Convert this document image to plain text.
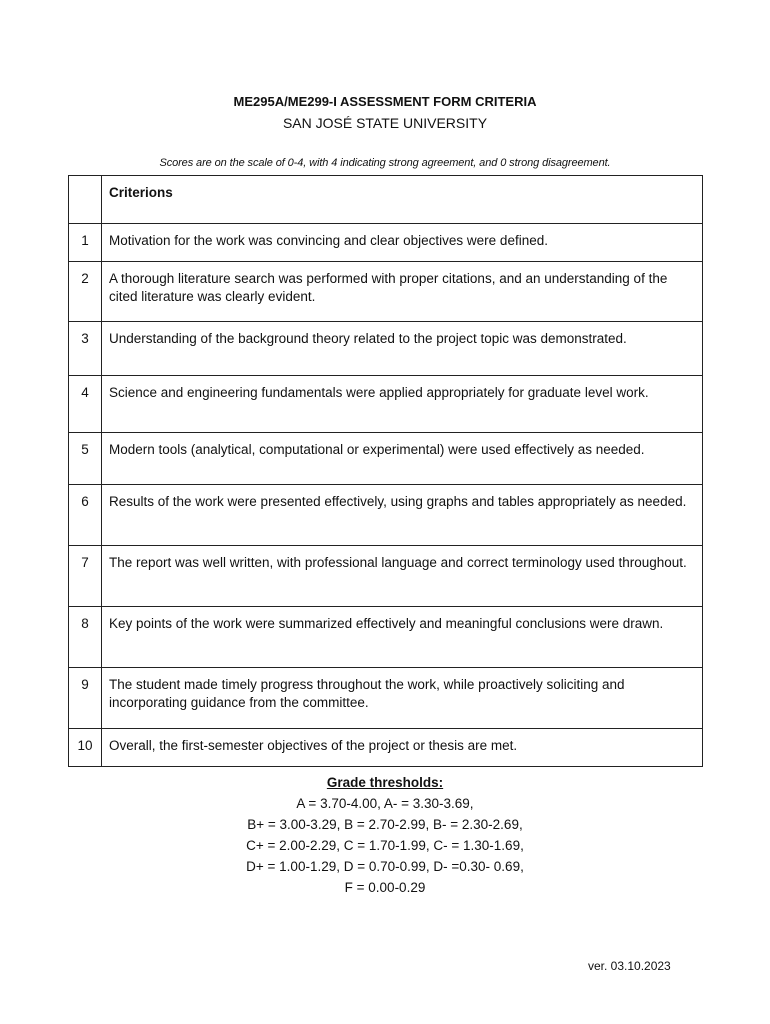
ME295A/ME299-I ASSESSMENT FORM CRITERIA
SAN JOSÉ STATE UNIVERSITY
Scores are on the scale of 0-4, with 4 indicating strong agreement, and 0 strong disagreement.
	Criterions
1	Motivation for the work was convincing and clear objectives were defined.
2	A thorough literature search was performed with proper citations, and an understanding of the cited literature was clearly evident.
3	Understanding of the background theory related to the project topic was demonstrated.
4	Science and engineering fundamentals were applied appropriately for graduate level work.
5	Modern tools (analytical, computational or experimental) were used effectively as needed.
6	Results of the work were presented effectively, using graphs and tables appropriately as needed.
7	The report was well written, with professional language and correct terminology used throughout.
8	Key points of the work were summarized effectively and meaningful conclusions were drawn.
9	The student made timely progress throughout the work, while proactively soliciting and incorporating guidance from the committee.
10	Overall, the first-semester objectives of the project or thesis are met.
Grade thresholds:
A = 3.70-4.00, A- = 3.30-3.69,
B+ = 3.00-3.29, B = 2.70-2.99, B- = 2.30-2.69,
C+ = 2.00-2.29, C = 1.70-1.99, C- = 1.30-1.69,
D+ = 1.00-1.29, D = 0.70-0.99, D- =0.30- 0.69,
F = 0.00-0.29
ver. 03.10.2023
